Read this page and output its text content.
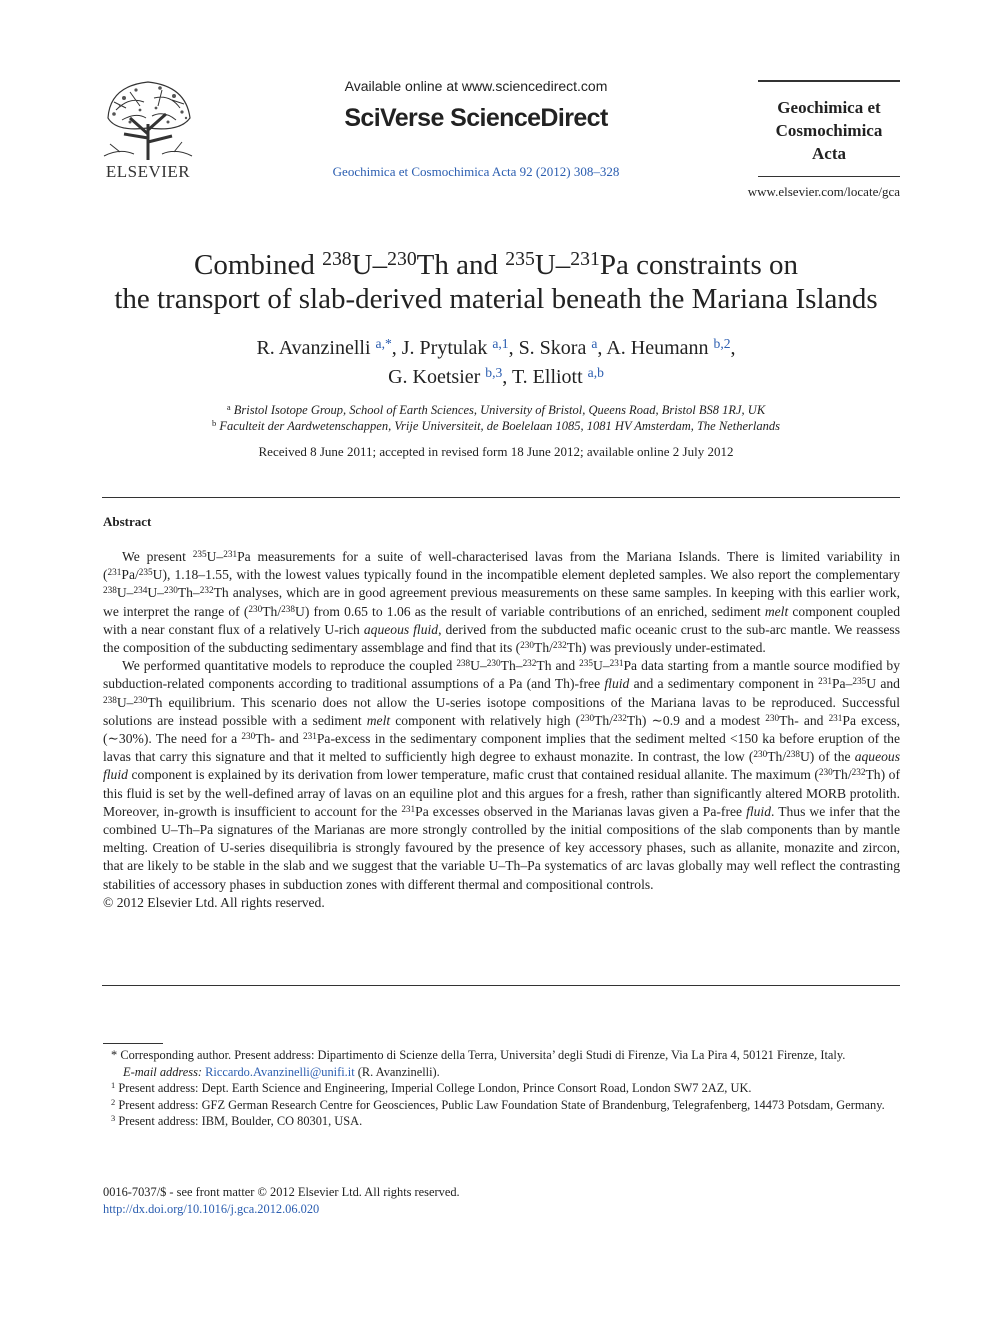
ELSEVIER
Available online at www.sciencedirect.com
SciVerse ScienceDirect
Geochimica et Cosmochimica Acta 92 (2012) 308–328
Geochimica et
Cosmochimica
Acta
www.elsevier.com/locate/gca
Combined $^{238}$U–$^{230}$Th and $^{235}$U–$^{231}$Pa constraints on
the transport of slab-derived material beneath the Mariana Islands
R. Avanzinelli $^{a,*}$, J. Prytulak $^{a,1}$, S. Skora $^a$, A. Heumann $^{b,2}$,
G. Koetsier $^{b,3}$, T. Elliott $^{a,b}$
$^a$ Bristol Isotope Group, School of Earth Sciences, University of Bristol, Queens Road, Bristol BS8 1RJ, UK
$^b$ Faculteit der Aardwetenschappen, Vrije Universiteit, de Boelelaan 1085, 1081 HV Amsterdam, The Netherlands
Received 8 June 2011; accepted in revised form 18 June 2012; available online 2 July 2012
Abstract

We present $^{235}$U–$^{231}$Pa measurements for a suite of well-characterised lavas from the Mariana Islands. There is limited variability in ($^{231}$Pa/$^{235}$U), 1.18–1.55, with the lowest values typically found in the incompatible element depleted samples. We also report the complementary $^{238}$U–$^{234}$U–$^{230}$Th–$^{232}$Th analyses, which are in good agreement previous measurements on these same samples. In keeping with this earlier work, we interpret the range of ($^{230}$Th/$^{238}$U) from 0.65 to 1.06 as the result of variable contributions of an enriched, sediment melt component coupled with a near constant flux of a relatively U-rich aqueous fluid, derived from the subducted mafic oceanic crust to the sub-arc mantle. We reassess the composition of the subducting sedimentary assemblage and find that its ($^{230}$Th/$^{232}$Th) was previously under-estimated.

We performed quantitative models to reproduce the coupled $^{238}$U–$^{230}$Th–$^{232}$Th and $^{235}$U–$^{231}$Pa data starting from a mantle source modified by subduction-related components according to traditional assumptions of a Pa (and Th)-free fluid and a sedimentary component in $^{231}$Pa–$^{235}$U and $^{238}$U–$^{230}$Th equilibrium. This scenario does not allow the U-series isotope compositions of the Mariana lavas to be reproduced. Successful solutions are instead possible with a sediment melt component with relatively high ($^{230}$Th/$^{232}$Th) ∼0.9 and a modest $^{230}$Th- and $^{231}$Pa excess, (∼30%). The need for a $^{230}$Th- and $^{231}$Pa-excess in the sedimentary component implies that the sediment melted <150 ka before eruption of the lavas that carry this signature and that it melted to sufficiently high degree to exhaust monazite. In contrast, the low ($^{230}$Th/$^{238}$U) of the aqueous fluid component is explained by its derivation from lower temperature, mafic crust that contained residual allanite. The maximum ($^{230}$Th/$^{232}$Th) of this fluid is set by the well-defined array of lavas on an equiline plot and this argues for a fresh, rather than significantly altered MORB protolith. Moreover, in-growth is insufficient to account for the $^{231}$Pa excesses observed in the Marianas lavas given a Pa-free fluid. Thus we infer that the combined U–Th–Pa signatures of the Marianas are more strongly controlled by the initial compositions of the slab components than by mantle melting. Creation of U-series disequilibria is strongly favoured by the presence of key accessory phases, such as allanite, monazite and zircon, that are likely to be stable in the slab and we suggest that the variable U–Th–Pa systematics of arc lavas globally may well reflect the contrasting stabilities of accessory phases in subduction zones with different thermal and compositional controls.

© 2012 Elsevier Ltd. All rights reserved.

* Corresponding author. Present address: Dipartimento di Scienze della Terra, Universita’ degli Studi di Firenze, Via La Pira 4, 50121 Firenze, Italy.
E-mail address: Riccardo.Avanzinelli@unifi.it (R. Avanzinelli).
$^1$ Present address: Dept. Earth Science and Engineering, Imperial College London, Prince Consort Road, London SW7 2AZ, UK.
$^2$ Present address: GFZ German Research Centre for Geosciences, Public Law Foundation State of Brandenburg, Telegrafenberg, 14473 Potsdam, Germany.
$^3$ Present address: IBM, Boulder, CO 80301, USA.
0016-7037/$ - see front matter © 2012 Elsevier Ltd. All rights reserved.
http://dx.doi.org/10.1016/j.gca.2012.06.020
